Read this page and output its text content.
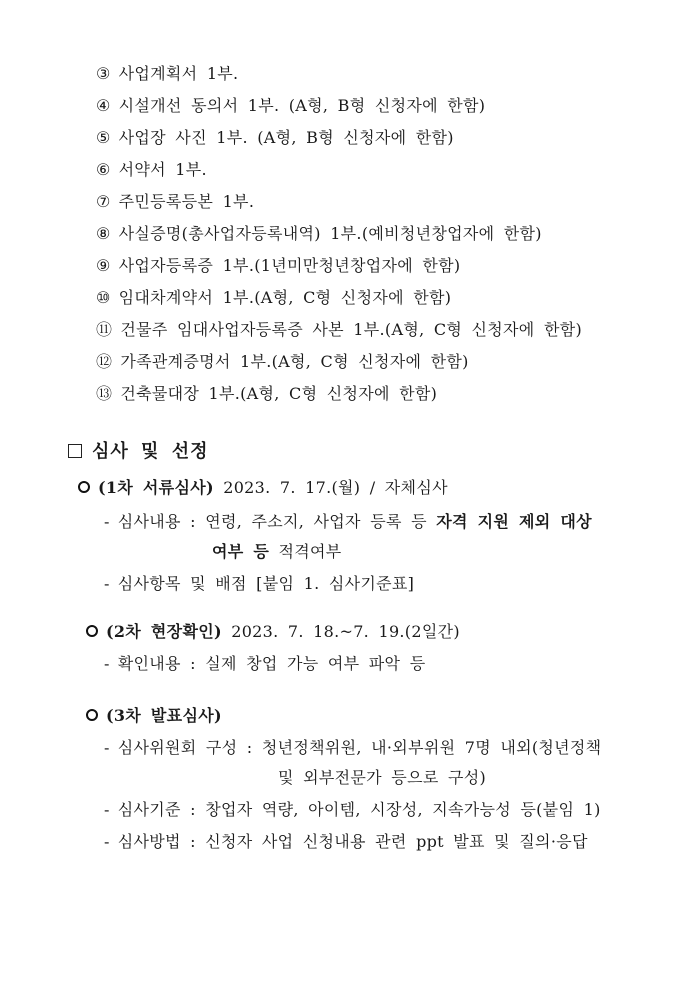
③ 사업계획서 1부.
④ 시설개선 동의서 1부. (A형, B형 신청자에 한함)
⑤ 사업장 사진 1부. (A형, B형 신청자에 한함)
⑥ 서약서 1부.
⑦ 주민등록등본 1부.
⑧ 사실증명(총사업자등록내역) 1부.(예비청년창업자에 한함)
⑨ 사업자등록증 1부.(1년미만청년창업자에 한함)
⑩ 임대차계약서 1부.(A형, C형 신청자에 한함)
⑪ 건물주 임대사업자등록증 사본 1부.(A형, C형 신청자에 한함)
⑫ 가족관계증명서 1부.(A형, C형 신청자에 한함)
⑬ 건축물대장 1부.(A형, C형 신청자에 한함)
심사 및 선정
(1차 서류심사) 2023. 7. 17.(월) / 자체심사
- 심사내용 : 연령, 주소지, 사업자 등록 등 자격 지원 제외 대상
여부 등 적격여부
- 심사항목 및 배점 [붙임 1. 심사기준표]
(2차 현장확인) 2023. 7. 18.~7. 19.(2일간)
- 확인내용 : 실제 창업 가능 여부 파악 등
(3차 발표심사)
- 심사위원회 구성 : 청년정책위원, 내·외부위원 7명 내외(청년정책
및 외부전문가 등으로 구성)
- 심사기준 : 창업자 역량, 아이템, 시장성, 지속가능성 등(붙임 1)
- 심사방법 : 신청자 사업 신청내용 관련 ppt 발표 및 질의·응답
